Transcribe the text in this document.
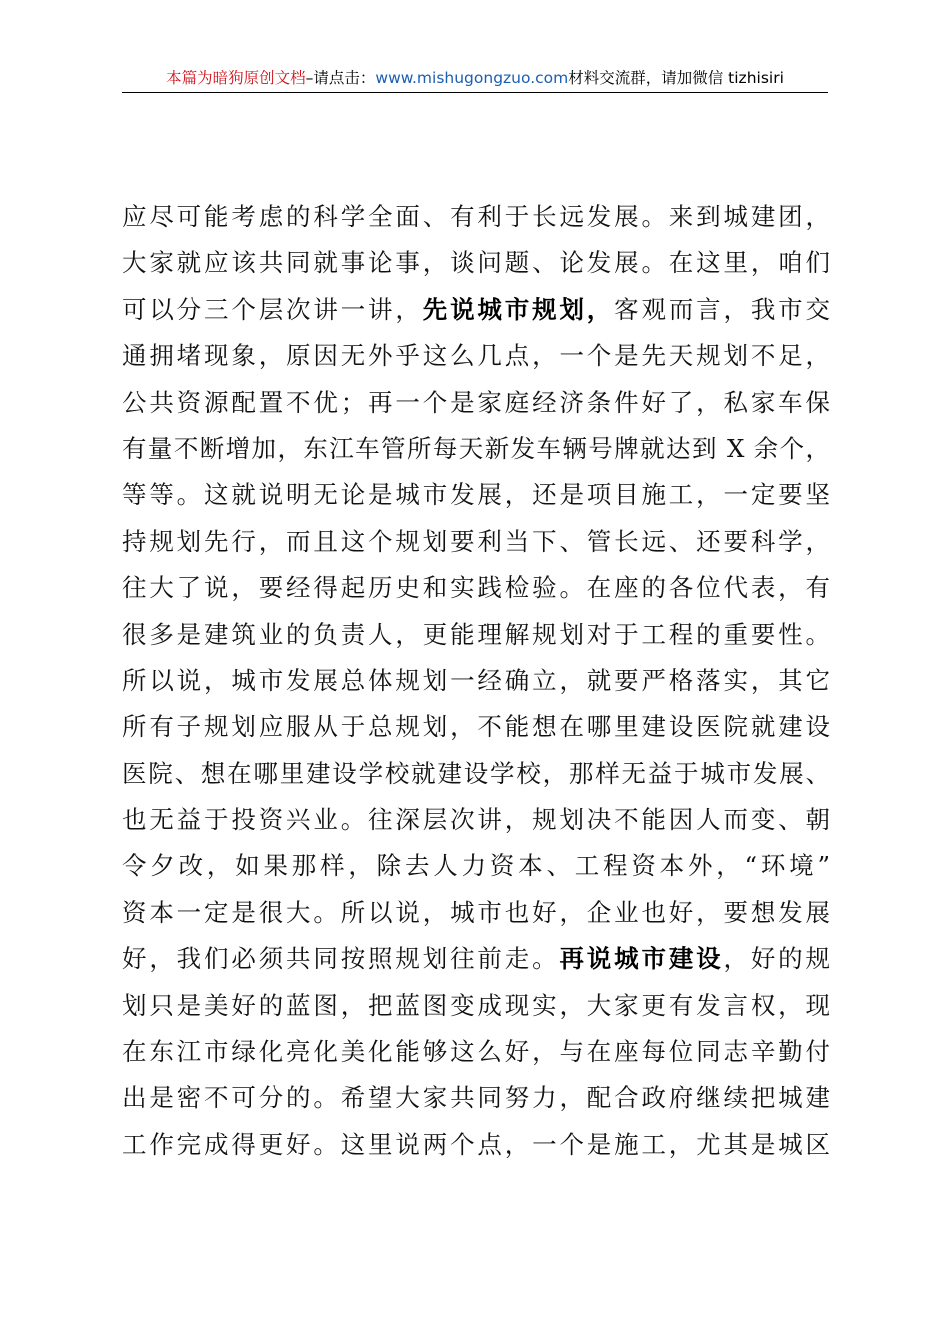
本篇为暗狗原创文档–请点击：www.mishugongzuo.com材料交流群，请加微信 tizhisiri
应尽可能考虑的科学全面、有利于长远发展。来到城建团，
大家就应该共同就事论事，谈问题、论发展。在这里，咱们
可以分三个层次讲一讲，先说城市规划，客观而言，我市交
通拥堵现象，原因无外乎这么几点，一个是先天规划不足，
公共资源配置不优；再一个是家庭经济条件好了，私家车保
有量不断增加，东江车管所每天新发车辆号牌就达到 X 余个，
等等。这就说明无论是城市发展，还是项目施工，一定要坚
持规划先行，而且这个规划要利当下、管长远、还要科学，
往大了说，要经得起历史和实践检验。在座的各位代表，有
很多是建筑业的负责人，更能理解规划对于工程的重要性。
所以说，城市发展总体规划一经确立，就要严格落实，其它
所有子规划应服从于总规划，不能想在哪里建设医院就建设
医院、想在哪里建设学校就建设学校，那样无益于城市发展、
也无益于投资兴业。往深层次讲，规划决不能因人而变、朝
令夕改，如果那样，除去人力资本、工程资本外，“环境”
资本一定是很大。所以说，城市也好，企业也好，要想发展
好，我们必须共同按照规划往前走。再说城市建设，好的规
划只是美好的蓝图，把蓝图变成现实，大家更有发言权，现
在东江市绿化亮化美化能够这么好，与在座每位同志辛勤付
出是密不可分的。希望大家共同努力，配合政府继续把城建
工作完成得更好。这里说两个点，一个是施工，尤其是城区
